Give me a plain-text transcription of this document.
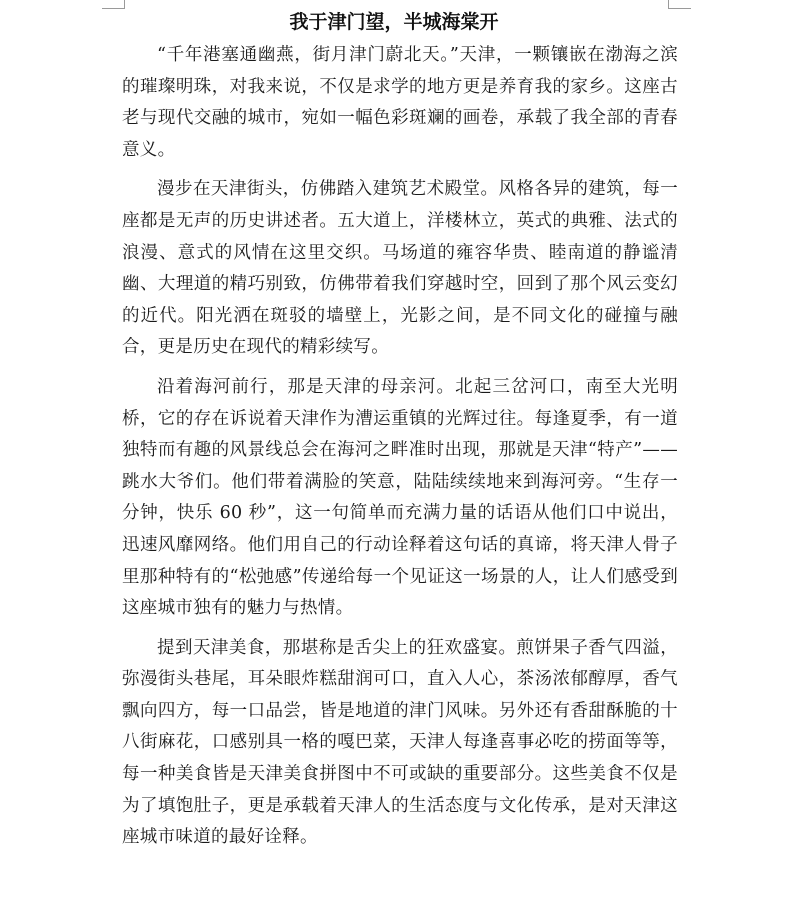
我于津门望，半城海棠开

“千年港塞通幽燕，街月津门蔚北天。”天津，一颗镶嵌在渤海之滨的璀璨明珠，对我来说，不仅是求学的地方更是养育我的家乡。这座古老与现代交融的城市，宛如一幅色彩斑斓的画卷，承载了我全部的青春意义。

漫步在天津街头，仿佛踏入建筑艺术殿堂。风格各异的建筑，每一座都是无声的历史讲述者。五大道上，洋楼林立，英式的典雅、法式的浪漫、意式的风情在这里交织。马场道的雍容华贵、睦南道的静谧清幽、大理道的精巧别致，仿佛带着我们穿越时空，回到了那个风云变幻的近代。阳光洒在斑驳的墙壁上，光影之间，是不同文化的碰撞与融合，更是历史在现代的精彩续写。

沿着海河前行，那是天津的母亲河。北起三岔河口，南至大光明桥，它的存在诉说着天津作为漕运重镇的光辉过往。每逢夏季，有一道独特而有趣的风景线总会在海河之畔准时出现，那就是天津“特产”——跳水大爷们。他们带着满脸的笑意，陆陆续续地来到海河旁。“生存一分钟，快乐 60 秒”，这一句简单而充满力量的话语从他们口中说出，迅速风靡网络。他们用自己的行动诠释着这句话的真谛，将天津人骨子里那种特有的“松弛感”传递给每一个见证这一场景的人，让人们感受到这座城市独有的魅力与热情。

提到天津美食，那堪称是舌尖上的狂欢盛宴。煎饼果子香气四溢，弥漫街头巷尾，耳朵眼炸糕甜润可口，直入人心，茶汤浓郁醇厚，香气飘向四方，每一口品尝，皆是地道的津门风味。另外还有香甜酥脆的十八街麻花，口感别具一格的嘎巴菜，天津人每逢喜事必吃的捞面等等，每一种美食皆是天津美食拼图中不可或缺的重要部分。这些美食不仅是为了填饱肚子，更是承载着天津人的生活态度与文化传承，是对天津这座城市味道的最好诠释。
